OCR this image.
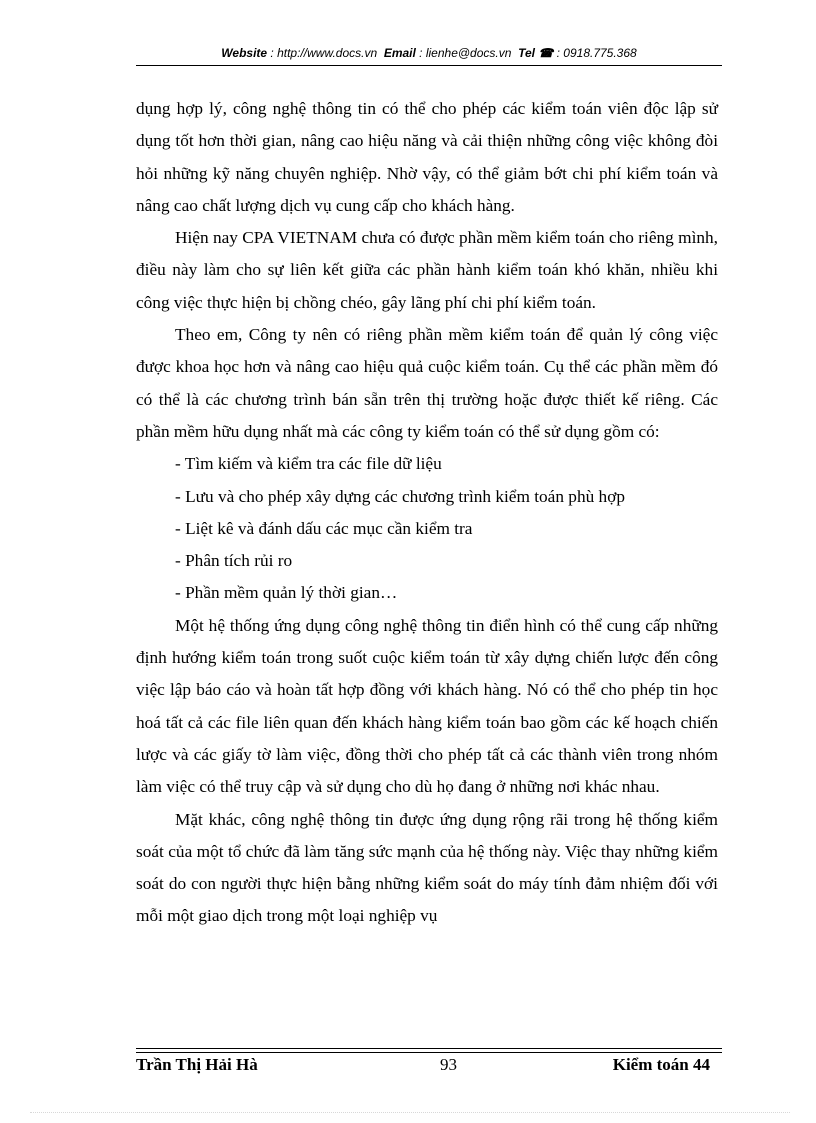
Website : http://www.docs.vn Email : lienhe@docs.vn Tel ☎ : 0918.775.368

dụng hợp lý, công nghệ thông tin có thể cho phép các kiểm toán viên độc lập sử dụng tốt hơn thời gian, nâng cao hiệu năng và cải thiện những công việc không đòi hỏi những kỹ năng chuyên nghiệp. Nhờ vậy, có thể giảm bớt chi phí kiểm toán và nâng cao chất lượng dịch vụ cung cấp cho khách hàng.

Hiện nay CPA VIETNAM chưa có được phần mềm kiểm toán cho riêng mình, điều này làm cho sự liên kết giữa các phần hành kiểm toán khó khăn, nhiều khi công việc thực hiện bị chồng chéo, gây lãng phí chi phí kiểm toán.

Theo em, Công ty nên có riêng phần mềm kiểm toán để quản lý công việc được khoa học hơn và nâng cao hiệu quả cuộc kiểm toán. Cụ thể các phần mềm đó có thể là các chương trình bán sẵn trên thị trường hoặc được thiết kế riêng. Các phần mềm hữu dụng nhất mà các công ty kiểm toán có thể sử dụng gồm có:

- Tìm kiếm và kiểm tra các file dữ liệu

- Lưu và cho phép xây dựng các chương trình kiểm toán phù hợp

- Liệt kê và đánh dấu các mục cần kiểm tra

- Phân tích rủi ro

- Phần mềm quản lý thời gian…

Một hệ thống ứng dụng công nghệ thông tin điển hình có thể cung cấp những định hướng kiểm toán trong suốt cuộc kiểm toán từ xây dựng chiến lược đến công việc lập báo cáo và hoàn tất hợp đồng với khách hàng. Nó có thể cho phép tin học hoá tất cả các file liên quan đến khách hàng kiểm toán bao gồm các kế hoạch chiến lược và các giấy tờ làm việc, đồng thời cho phép tất cả các thành viên trong nhóm làm việc có thể truy cập và sử dụng cho dù họ đang ở những nơi khác nhau.

Mặt khác, công nghệ thông tin được ứng dụng rộng rãi trong hệ thống kiểm soát của một tổ chức đã làm tăng sức mạnh của hệ thống này. Việc thay những kiểm soát do con người thực hiện bằng những kiểm soát do máy tính đảm nhiệm đối với mỗi một giao dịch trong một loại nghiệp vụ

Trần Thị Hải Hà	93	Kiểm toán 44
